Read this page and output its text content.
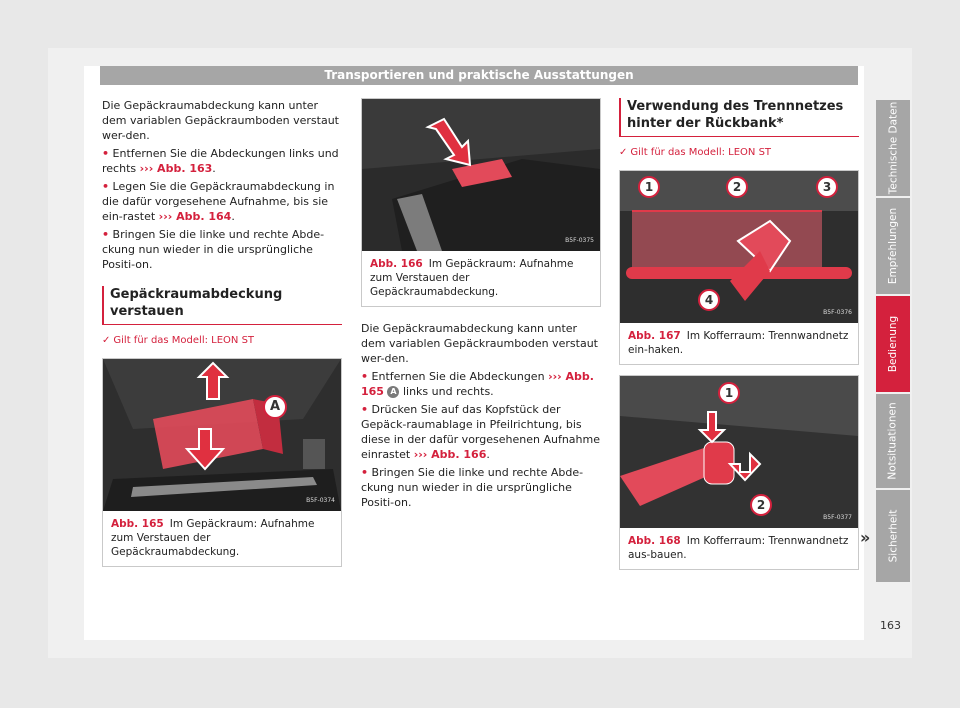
Transportieren und praktische Ausstattungen

Die Gepäckraumabdeckung kann unter dem variablen Gepäckraumboden verstaut wer-den.

• Entfernen Sie die Abdeckungen links und rechts ››› Abb. 163.

• Legen Sie die Gepäckraumabdeckung in die dafür vorgesehene Aufnahme, bis sie ein-rastet ››› Abb. 164.

• Bringen Sie die linke und rechte Abde-ckung nun wieder in die ursprüngliche Positi-on.

Gepäckraumabdeckung verstauen
✓ Gilt für das Modell: LEON ST
A
B5F-0374
Abb. 165 Im Gepäckraum: Aufnahme zum Verstauen der Gepäckraumabdeckung.
B5F-0375
Abb. 166 Im Gepäckraum: Aufnahme zum Verstauen der Gepäckraumabdeckung.

Die Gepäckraumabdeckung kann unter dem variablen Gepäckraumboden verstaut wer-den.

• Entfernen Sie die Abdeckungen ››› Abb. 165 A links und rechts.

• Drücken Sie auf das Kopfstück der Gepäck-raumablage in Pfeilrichtung, bis diese in der dafür vorgesehenen Aufnahme einrastet ››› Abb. 166.

• Bringen Sie die linke und rechte Abde-ckung nun wieder in die ursprüngliche Positi-on.

Verwendung des Trennnetzes hinter der Rückbank*
✓ Gilt für das Modell: LEON ST
1	2	3
4
B5F-0376
Abb. 167 Im Kofferraum: Trennwandnetz ein-haken.
1
2
B5F-0377
Abb. 168 Im Kofferraum: Trennwandnetz aus-bauen.
»
Technische Daten
Empfehlungen
Bedienung
Notsituationen
Sicherheit
163
